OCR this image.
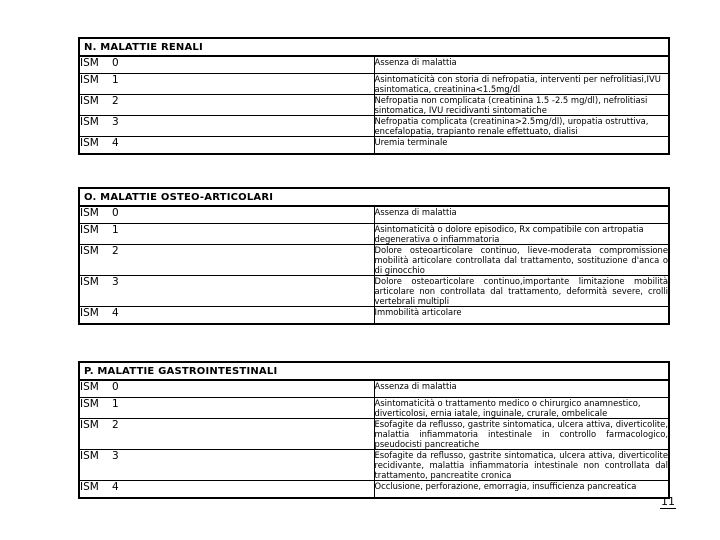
N. MALATTIE RENALI	
ISM 0	Assenza di malattia
ISM 1	Asintomaticità con storia di nefropatia, interventi per nefrolitiasi,IVU asintomatica, creatinina<1.5mg/dl
ISM 2	Nefropatia non complicata (creatinina 1.5 -2.5 mg/dl), nefrolitiasi sintomatica, IVU recidivanti sintomatiche
ISM 3	Nefropatia complicata (creatinina>2.5mg/dl), uropatia ostruttiva, encefalopatia, trapianto renale effettuato, dialisi
ISM 4	Uremia terminale
O. MALATTIE OSTEO-ARTICOLARI	
ISM 0	Assenza di malattia
ISM 1	Asintomaticità o dolore episodico, Rx compatibile con artropatia degenerativa o infiammatoria
ISM 2	Dolore osteoarticolare continuo, lieve-moderata compromissione mobilità articolare controllata dal trattamento, sostituzione d'anca o di ginocchio
ISM 3	Dolore osteoarticolare continuo,importante limitazione mobilità articolare non controllata dal trattamento, deformità severe, crolli vertebrali multipli
ISM 4	Immobilità articolare
P. MALATTIE GASTROINTESTINALI	
ISM 0	Assenza di malattia
ISM 1	Asintomaticità o trattamento medico o chirurgico anamnestico, diverticolosi, ernia iatale, inguinale, crurale, ombelicale
ISM 2	Esofagite da reflusso, gastrite sintomatica, ulcera attiva, diverticolite, malattia infiammatoria intestinale in controllo farmacologico, pseudocisti pancreatiche
ISM 3	Esofagite da reflusso, gastrite sintomatica, ulcera attiva, diverticolite recidivante, malattia infiammatoria intestinale non controllata dal trattamento, pancreatite cronica
ISM 4	Occlusione, perforazione, emorragia, insufficienza pancreatica
11
